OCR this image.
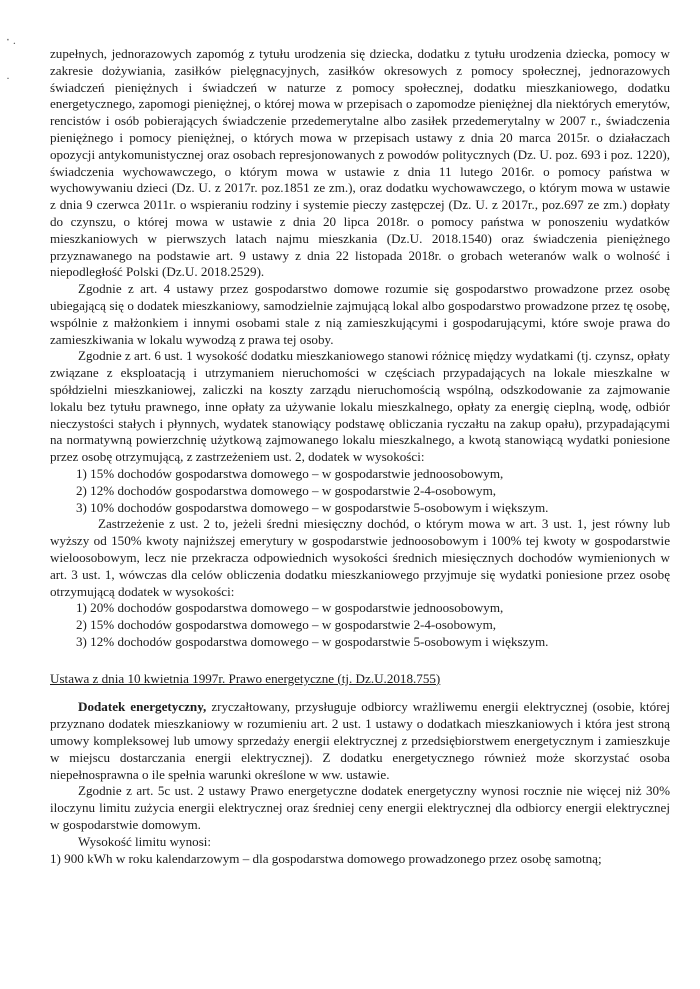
‧ .
·

zupełnych, jednorazowych zapomóg z tytułu urodzenia się dziecka, dodatku z tytułu urodzenia dziecka, pomocy w zakresie dożywiania, zasiłków pielęgnacyjnych, zasiłków okresowych z pomocy społecznej, jednorazowych świadczeń pieniężnych i świadczeń w naturze z pomocy społecznej, dodatku mieszkaniowego, dodatku energetycznego, zapomogi pieniężnej, o której mowa w przepisach o zapomodze pieniężnej dla niektórych emerytów, rencistów i osób pobierających świadczenie przedemerytalne albo zasiłek przedemerytalny w 2007 r., świadczenia pieniężnego i pomocy pieniężnej, o których mowa w przepisach ustawy z dnia 20 marca 2015r. o działaczach opozycji antykomunistycznej oraz osobach represjonowanych z powodów politycznych (Dz. U. poz. 693 i poz. 1220), świadczenia wychowawczego, o którym mowa w ustawie z dnia 11 lutego 2016r. o pomocy państwa w wychowywaniu dzieci (Dz. U. z 2017r. poz.1851 ze zm.), oraz dodatku wychowawczego, o którym mowa w ustawie z dnia 9 czerwca 2011r. o wspieraniu rodziny i systemie pieczy zastępczej (Dz. U. z 2017r., poz.697 ze zm.) dopłaty do czynszu, o której mowa w ustawie z dnia 20 lipca 2018r. o pomocy państwa w ponoszeniu wydatków mieszkaniowych w pierwszych latach najmu mieszkania (Dz.U. 2018.1540) oraz świadczenia pieniężnego przyznawanego na podstawie art. 9 ustawy z dnia 22 listopada 2018r. o grobach weteranów walk o wolność i niepodległość Polski (Dz.U. 2018.2529).

Zgodnie z art. 4 ustawy przez gospodarstwo domowe rozumie się gospodarstwo prowadzone przez osobę ubiegającą się o dodatek mieszkaniowy, samodzielnie zajmującą lokal albo gospodarstwo prowadzone przez tę osobę, wspólnie z małżonkiem i innymi osobami stale z nią zamieszkującymi i gospodarującymi, które swoje prawa do zamieszkiwania w lokalu wywodzą z prawa tej osoby.

Zgodnie z art. 6 ust. 1 wysokość dodatku mieszkaniowego stanowi różnicę między wydatkami (tj. czynsz, opłaty związane z eksploatacją i utrzymaniem nieruchomości w częściach przypadających na lokale mieszkalne w spółdzielni mieszkaniowej, zaliczki na koszty zarządu nieruchomością wspólną, odszkodowanie za zajmowanie lokalu bez tytułu prawnego, inne opłaty za używanie lokalu mieszkalnego, opłaty za energię cieplną, wodę, odbiór nieczystości stałych i płynnych, wydatek stanowiący podstawę obliczania ryczałtu na zakup opału), przypadającymi na normatywną powierzchnię użytkową zajmowanego lokalu mieszkalnego, a kwotą stanowiącą wydatki poniesione przez osobę otrzymującą, z zastrzeżeniem ust. 2, dodatek w wysokości:

1) 15% dochodów gospodarstwa domowego – w gospodarstwie jednoosobowym,
2) 12% dochodów gospodarstwa domowego – w gospodarstwie 2-4-osobowym,
3) 10% dochodów gospodarstwa domowego – w gospodarstwie 5-osobowym i większym.

Zastrzeżenie z ust. 2 to, jeżeli średni miesięczny dochód, o którym mowa w art. 3 ust. 1, jest równy lub wyższy od 150% kwoty najniższej emerytury w gospodarstwie jednoosobowym i 100% tej kwoty w gospodarstwie wieloosobowym, lecz nie przekracza odpowiednich wysokości średnich miesięcznych dochodów wymienionych w art. 3 ust. 1, wówczas dla celów obliczenia dodatku mieszkaniowego przyjmuje się wydatki poniesione przez osobę otrzymującą dodatek w wysokości:

1) 20% dochodów gospodarstwa domowego – w gospodarstwie jednoosobowym,
2) 15% dochodów gospodarstwa domowego – w gospodarstwie 2-4-osobowym,
3) 12% dochodów gospodarstwa domowego – w gospodarstwie 5-osobowym i większym.

Ustawa z dnia 10 kwietnia 1997r. Prawo energetyczne (tj. Dz.U.2018.755)

Dodatek energetyczny, zryczałtowany, przysługuje odbiorcy wrażliwemu energii elektrycznej (osobie, której przyznano dodatek mieszkaniowy w rozumieniu art. 2 ust. 1 ustawy o dodatkach mieszkaniowych i która jest stroną umowy kompleksowej lub umowy sprzedaży energii elektrycznej z przedsiębiorstwem energetycznym i zamieszkuje w miejscu dostarczania energii elektrycznej). Z dodatku energetycznego również może skorzystać osoba niepełnosprawna o ile spełnia warunki określone w ww. ustawie.

Zgodnie z art. 5c ust. 2 ustawy Prawo energetyczne dodatek energetyczny wynosi rocznie nie więcej niż 30% iloczynu limitu zużycia energii elektrycznej oraz średniej ceny energii elektrycznej dla odbiorcy energii elektrycznej w gospodarstwie domowym.

Wysokość limitu wynosi:

1) 900 kWh w roku kalendarzowym – dla gospodarstwa domowego prowadzonego przez osobę samotną;
